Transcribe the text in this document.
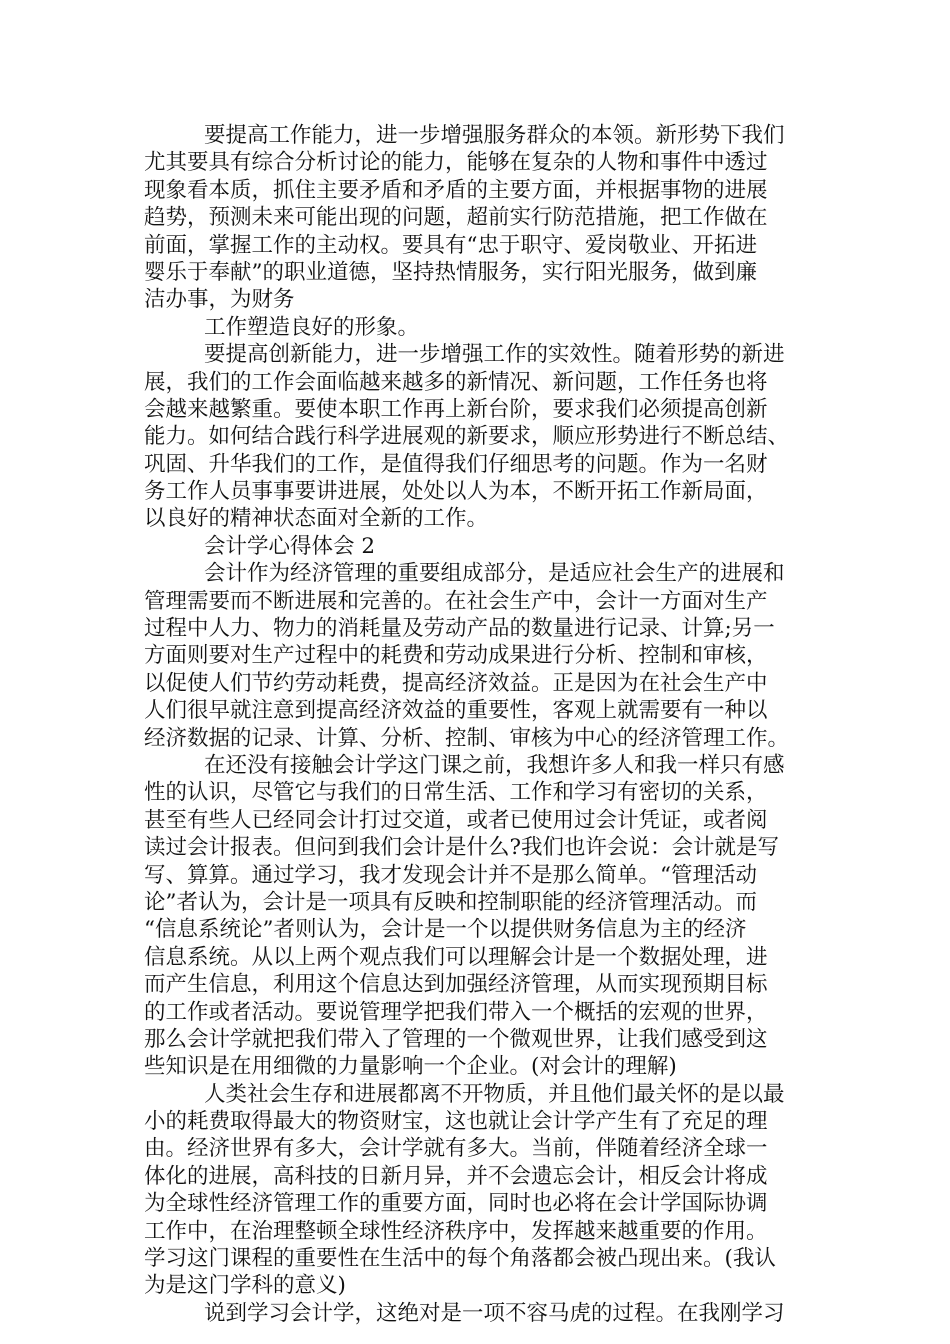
要提高工作能力，进一步增强服务群众的本领。新形势下我们
尤其要具有综合分析讨论的能力，能够在复杂的人物和事件中透过
现象看本质，抓住主要矛盾和矛盾的主要方面，并根据事物的进展
趋势，预测未来可能出现的问题，超前实行防范措施，把工作做在
前面，掌握工作的主动权。要具有“忠于职守、爱岗敬业、开拓进
婴乐于奉献”的职业道德，坚持热情服务，实行阳光服务，做到廉
洁办事，为财务
工作塑造良好的形象。
要提高创新能力，进一步增强工作的实效性。随着形势的新进
展，我们的工作会面临越来越多的新情况、新问题，工作任务也将
会越来越繁重。要使本职工作再上新台阶，要求我们必须提高创新
能力。如何结合践行科学进展观的新要求，顺应形势进行不断总结、
巩固、升华我们的工作，是值得我们仔细思考的问题。作为一名财
务工作人员事事要讲进展，处处以人为本，不断开拓工作新局面，
以良好的精神状态面对全新的工作。
会计学心得体会 2
会计作为经济管理的重要组成部分，是适应社会生产的进展和
管理需要而不断进展和完善的。在社会生产中，会计一方面对生产
过程中人力、物力的消耗量及劳动产品的数量进行记录、计算;另一
方面则要对生产过程中的耗费和劳动成果进行分析、控制和审核，
以促使人们节约劳动耗费，提高经济效益。正是因为在社会生产中
人们很早就注意到提高经济效益的重要性，客观上就需要有一种以
经济数据的记录、计算、分析、控制、审核为中心的经济管理工作。
在还没有接触会计学这门课之前，我想许多人和我一样只有感
性的认识，尽管它与我们的日常生活、工作和学习有密切的关系，
甚至有些人已经同会计打过交道，或者已使用过会计凭证，或者阅
读过会计报表。但问到我们会计是什么?我们也许会说：会计就是写
写、算算。通过学习，我才发现会计并不是那么简单。“管理活动
论”者认为，会计是一项具有反映和控制职能的经济管理活动。而
“信息系统论”者则认为，会计是一个以提供财务信息为主的经济
信息系统。从以上两个观点我们可以理解会计是一个数据处理，进
而产生信息，利用这个信息达到加强经济管理，从而实现预期目标
的工作或者活动。要说管理学把我们带入一个概括的宏观的世界，
那么会计学就把我们带入了管理的一个微观世界，让我们感受到这
些知识是在用细微的力量影响一个企业。(对会计的理解)
人类社会生存和进展都离不开物质，并且他们最关怀的是以最
小的耗费取得最大的物资财宝，这也就让会计学产生有了充足的理
由。经济世界有多大，会计学就有多大。当前，伴随着经济全球一
体化的进展，高科技的日新月异，并不会遗忘会计，相反会计将成
为全球性经济管理工作的重要方面，同时也必将在会计学国际协调
工作中，在治理整顿全球性经济秩序中，发挥越来越重要的作用。
学习这门课程的重要性在生活中的每个角落都会被凸现出来。(我认
为是这门学科的意义)
说到学习会计学，这绝对是一项不容马虎的过程。在我刚学习
